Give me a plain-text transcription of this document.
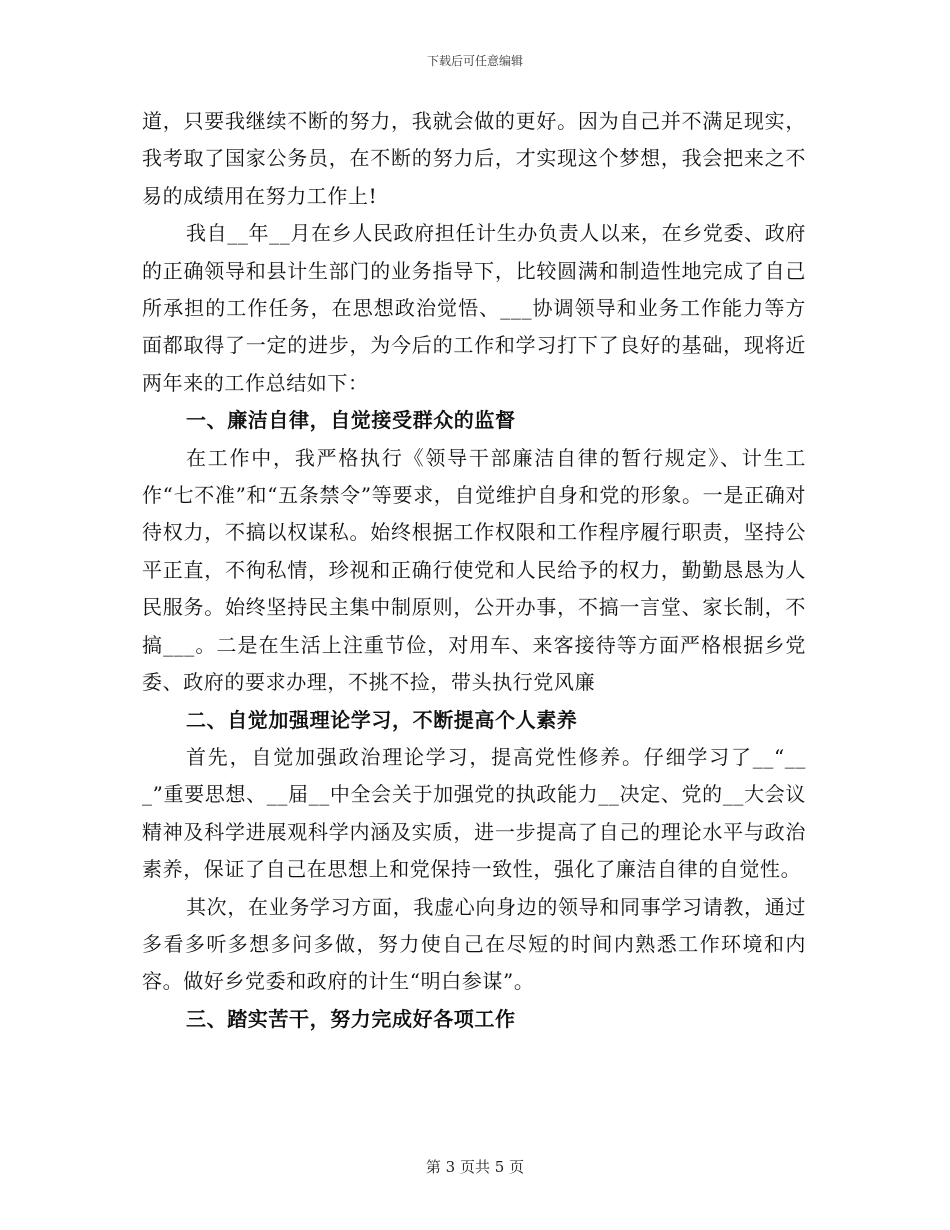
下载后可任意编辑

道，只要我继续不断的努力，我就会做的更好。因为自己并不满足现实，我考取了国家公务员，在不断的努力后，才实现这个梦想，我会把来之不易的成绩用在努力工作上!

我自__年__月在乡人民政府担任计生办负责人以来，在乡党委、政府的正确领导和县计生部门的业务指导下，比较圆满和制造性地完成了自己所承担的工作任务，在思想政治觉悟、___协调领导和业务工作能力等方面都取得了一定的进步，为今后的工作和学习打下了良好的基础，现将近两年来的工作总结如下：

一、廉洁自律，自觉接受群众的监督

在工作中，我严格执行《领导干部廉洁自律的暂行规定》、计生工作“七不准”和“五条禁令”等要求，自觉维护自身和党的形象。一是正确对待权力，不搞以权谋私。始终根据工作权限和工作程序履行职责，坚持公平正直，不徇私情，珍视和正确行使党和人民给予的权力，勤勤恳恳为人民服务。始终坚持民主集中制原则，公开办事，不搞一言堂、家长制，不搞___。二是在生活上注重节俭，对用车、来客接待等方面严格根据乡党委、政府的要求办理，不挑不捡，带头执行党风廉

二、自觉加强理论学习，不断提高个人素养

首先，自觉加强政治理论学习，提高党性修养。仔细学习了__“___”重要思想、__届__中全会关于加强党的执政能力__决定、党的__大会议精神及科学进展观科学内涵及实质，进一步提高了自己的理论水平与政治素养，保证了自己在思想上和党保持一致性，强化了廉洁自律的自觉性。

其次，在业务学习方面，我虚心向身边的领导和同事学习请教，通过多看多听多想多问多做，努力使自己在尽短的时间内熟悉工作环境和内容。做好乡党委和政府的计生“明白参谋”。

三、踏实苦干，努力完成好各项工作

第 3 页共 5 页
